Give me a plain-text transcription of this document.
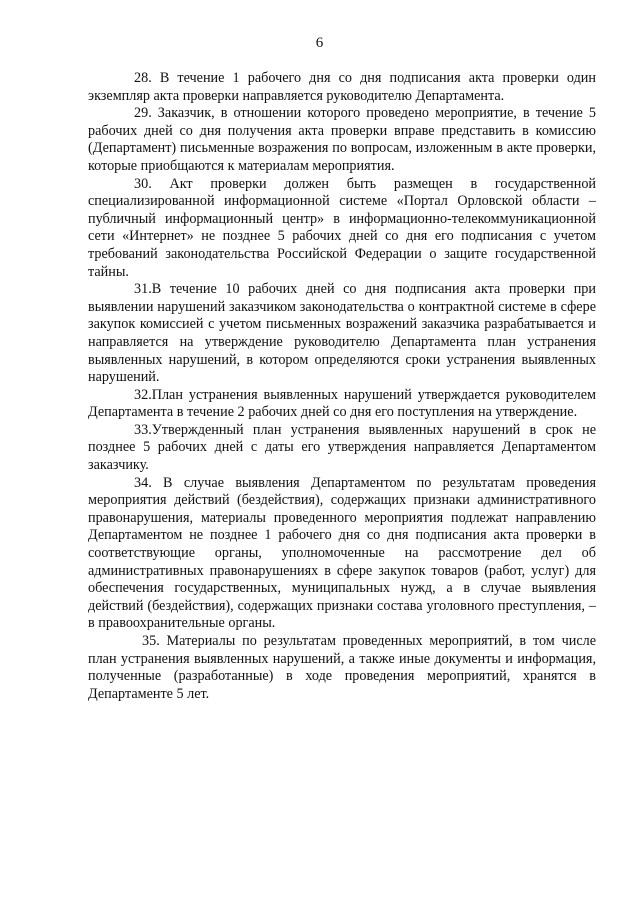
6

28. В течение 1 рабочего дня со дня подписания акта проверки один экземпляр акта проверки направляется руководителю Департамента.

29. Заказчик, в отношении которого проведено мероприятие, в течение 5 рабочих дней со дня получения акта проверки вправе представить в комиссию (Департамент) письменные возражения по вопросам, изложенным в акте проверки, которые приобщаются к материалам мероприятия.

30. Акт проверки должен быть размещен в государственной специализированной информационной системе «Портал Орловской области – публичный информационный центр» в информационно-телекоммуникационной сети «Интернет» не позднее 5 рабочих дней со дня его подписания с учетом требований законодательства Российской Федерации о защите государственной тайны.

31.В течение 10 рабочих дней со дня подписания акта проверки при выявлении нарушений заказчиком законодательства о контрактной системе в сфере закупок комиссией с учетом письменных возражений заказчика разрабатывается и направляется на утверждение руководителю Департамента план устранения выявленных нарушений, в котором определяются сроки устранения выявленных нарушений.

32.План устранения выявленных нарушений утверждается руководителем Департамента в течение 2 рабочих дней со дня его поступления на утверждение.

33.Утвержденный план устранения выявленных нарушений в срок не позднее 5 рабочих дней с даты его утверждения направляется Департаментом заказчику.

34. В случае выявления Департаментом по результатам проведения мероприятия действий (бездействия), содержащих признаки административного правонарушения, материалы проведенного мероприятия подлежат направлению Департаментом не позднее 1 рабочего дня со дня подписания акта проверки в соответствующие органы, уполномоченные на рассмотрение дел об административных правонарушениях в сфере закупок товаров (работ, услуг) для обеспечения государственных, муниципальных нужд, а в случае выявления действий (бездействия), содержащих признаки состава уголовного преступления, – в правоохранительные органы.

35. Материалы по результатам проведенных мероприятий, в том числе план устранения выявленных нарушений, а также иные документы и информация, полученные (разработанные) в ходе проведения мероприятий, хранятся в Департаменте 5 лет.
